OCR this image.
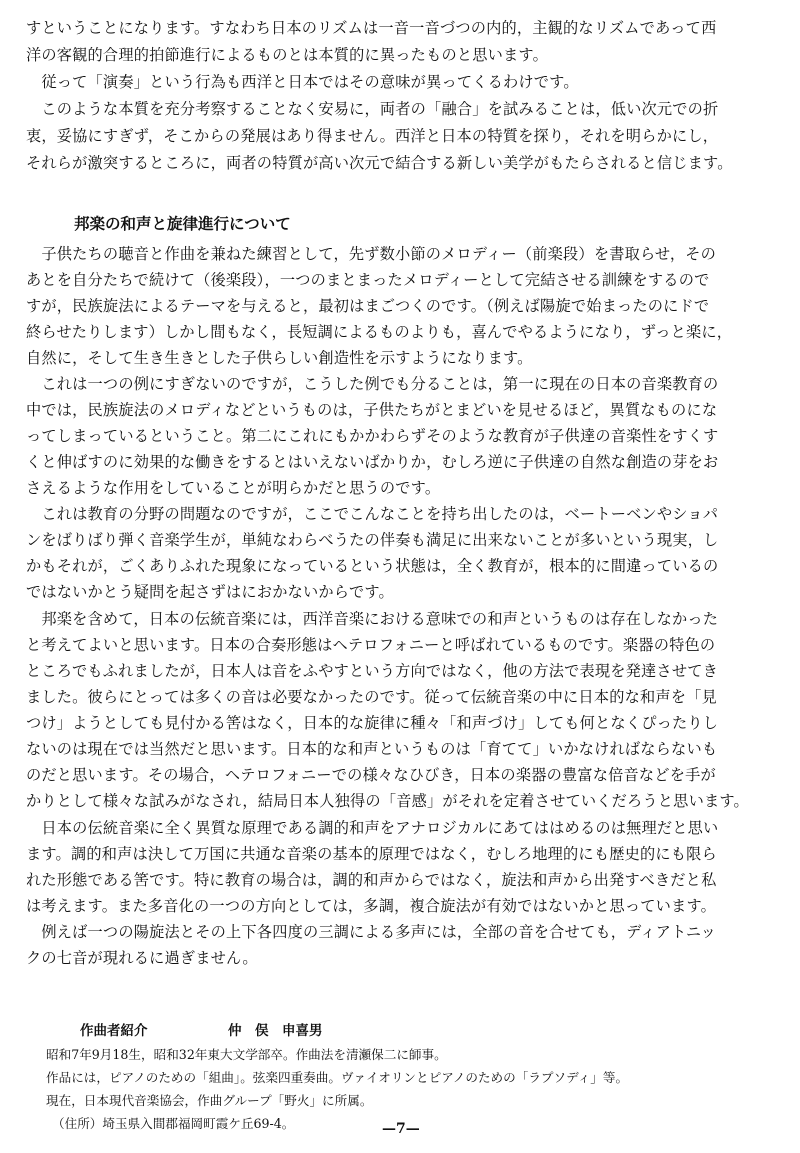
すということになります。すなわち日本のリズムは一音一音づつの内的，主観的なリズムであって西
洋の客観的合理的拍節進行によるものとは本質的に異ったものと思います。
　従って「演奏」という行為も西洋と日本ではその意味が異ってくるわけです。
　このような本質を充分考察することなく安易に，両者の「融合」を試みることは，低い次元での折
衷，妥協にすぎず，そこからの発展はあり得ません。西洋と日本の特質を探り，それを明らかにし，
それらが激突するところに，両者の特質が高い次元で結合する新しい美学がもたらされると信じます。
邦楽の和声と旋律進行について
　子供たちの聴音と作曲を兼ねた練習として，先ず数小節のメロディー（前楽段）を書取らせ，その
あとを自分たちで続けて（後楽段），一つのまとまったメロディーとして完結させる訓練をするので
すが，民族旋法によるテーマを与えると，最初はまごつくのです。（例えば陽旋で始まったのにドで
終らせたりします）しかし間もなく，長短調によるものよりも，喜んでやるようになり，ずっと楽に，
自然に，そして生き生きとした子供らしい創造性を示すようになります。
　これは一つの例にすぎないのですが，こうした例でも分ることは，第一に現在の日本の音楽教育の
中では，民族旋法のメロディなどというものは，子供たちがとまどいを見せるほど，異質なものにな
ってしまっているということ。第二にこれにもかかわらずそのような教育が子供達の音楽性をすくす
くと伸ばすのに効果的な働きをするとはいえないばかりか，むしろ逆に子供達の自然な創造の芽をお
さえるような作用をしていることが明らかだと思うのです。
　これは教育の分野の問題なのですが，ここでこんなことを持ち出したのは，ベートーベンやショパ
ンをばりばり弾く音楽学生が，単純なわらべうたの伴奏も満足に出来ないことが多いという現実，し
かもそれが，ごくありふれた現象になっているという状態は，全く教育が，根本的に間違っているの
ではないかとう疑問を起さずはにおかないからです。
　邦楽を含めて，日本の伝統音楽には，西洋音楽における意味での和声というものは存在しなかった
と考えてよいと思います。日本の合奏形態はヘテロフォニーと呼ばれているものです。楽器の特色の
ところでもふれましたが，日本人は音をふやすという方向ではなく，他の方法で表現を発達させてき
ました。彼らにとっては多くの音は必要なかったのです。従って伝統音楽の中に日本的な和声を「見
つけ」ようとしても見付かる筈はなく，日本的な旋律に種々「和声づけ」しても何となくぴったりし
ないのは現在では当然だと思います。日本的な和声というものは「育てて」いかなければならないも
のだと思います。その場合，ヘテロフォニーでの様々なひびき，日本の楽器の豊富な倍音などを手が
かりとして様々な試みがなされ，結局日本人独得の「音感」がそれを定着させていくだろうと思います。
　日本の伝統音楽に全く異質な原理である調的和声をアナロジカルにあてははめるのは無理だと思い
ます。調的和声は決して万国に共通な音楽の基本的原理ではなく，むしろ地理的にも歴史的にも限ら
れた形態である筈です。特に教育の場合は，調的和声からではなく，旋法和声から出発すべきだと私
は考えます。また多音化の一つの方向としては，多調，複合旋法が有効ではないかと思っています。
　例えば一つの陽旋法とその上下各四度の三調による多声には，全部の音を合せても，ディアトニッ
クの七音が現れるに過ぎません。
作曲者紹介	仲　俣　申喜男
昭和7年9月18生，昭和32年東大文学部卒。作曲法を清瀬保二に師事。
作品には，ピアノのための「組曲」。弦楽四重奏曲。ヴァイオリンとピアノのための「ラプソディ」等。
現在，日本現代音楽協会，作曲グループ「野火」に所属。
（住所）埼玉県入間郡福岡町霞ケ丘69-4。	—7—
